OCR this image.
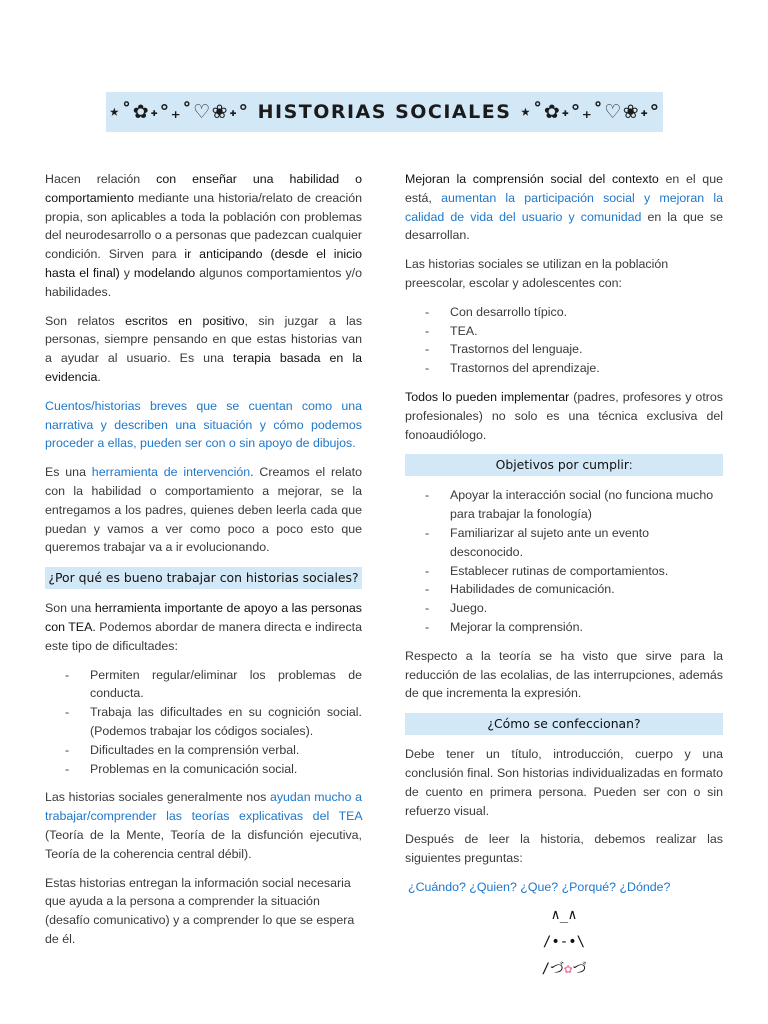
⋆˚✿˖°₊˚♡❀˖° HISTORIAS SOCIALES ⋆˚✿˖°₊˚♡❀˖°

Hacen relación con enseñar una habilidad o comportamiento mediante una historia/relato de creación propia, son aplicables a toda la población con problemas del neurodesarrollo o a personas que padezcan cualquier condición. Sirven para ir anticipando (desde el inicio hasta el final) y modelando algunos comportamientos y/o habilidades.

Son relatos escritos en positivo, sin juzgar a las personas, siempre pensando en que estas historias van a ayudar al usuario. Es una terapia basada en la evidencia.

Cuentos/historias breves que se cuentan como una narrativa y describen una situación y cómo podemos proceder a ellas, pueden ser con o sin apoyo de dibujos.

Es una herramienta de intervención. Creamos el relato con la habilidad o comportamiento a mejorar, se la entregamos a los padres, quienes deben leerla cada que puedan y vamos a ver como poco a poco esto que queremos trabajar va a ir evolucionando.

¿Por qué es bueno trabajar con historias sociales?

Son una herramienta importante de apoyo a las personas con TEA. Podemos abordar de manera directa e indirecta este tipo de dificultades:

- Permiten regular/eliminar los problemas de conducta.
- Trabaja las dificultades en su cognición social. (Podemos trabajar los códigos sociales).
- Dificultades en la comprensión verbal.
- Problemas en la comunicación social.

Las historias sociales generalmente nos ayudan mucho a trabajar/comprender las teorías explicativas del TEA (Teoría de la Mente, Teoría de la disfunción ejecutiva, Teoría de la coherencia central débil).

Estas historias entregan la información social necesaria que ayuda a la persona a comprender la situación (desafío comunicativo) y a comprender lo que se espera de él.

Mejoran la comprensión social del contexto en el que está, aumentan la participación social y mejoran la calidad de vida del usuario y comunidad en la que se desarrollan.

Las historias sociales se utilizan en la población preescolar, escolar y adolescentes con:

- Con desarrollo típico.
- TEA.
- Trastornos del lenguaje.
- Trastornos del aprendizaje.

Todos lo pueden implementar (padres, profesores y otros profesionales) no solo es una técnica exclusiva del fonoaudiólogo.

Objetivos por cumplir:
- Apoyar la interacción social (no funciona mucho para trabajar la fonología)
- Familiarizar al sujeto ante un evento desconocido.
- Establecer rutinas de comportamientos.
- Habilidades de comunicación.
- Juego.
- Mejorar la comprensión.

Respecto a la teoría se ha visto que sirve para la reducción de las ecolalias, de las interrupciones, además de que incrementa la expresión.

¿Cómo se confeccionan?

Debe tener un título, introducción, cuerpo y una conclusión final. Son historias individualizadas en formato de cuento en primera persona. Pueden ser con o sin refuerzo visual.

Después de leer la historia, debemos realizar las siguientes preguntas:

¿Cuándo? ¿Quien? ¿Que? ¿Porqué? ¿Dónde?

∧_∧

/•-•\

/づ✿づ
